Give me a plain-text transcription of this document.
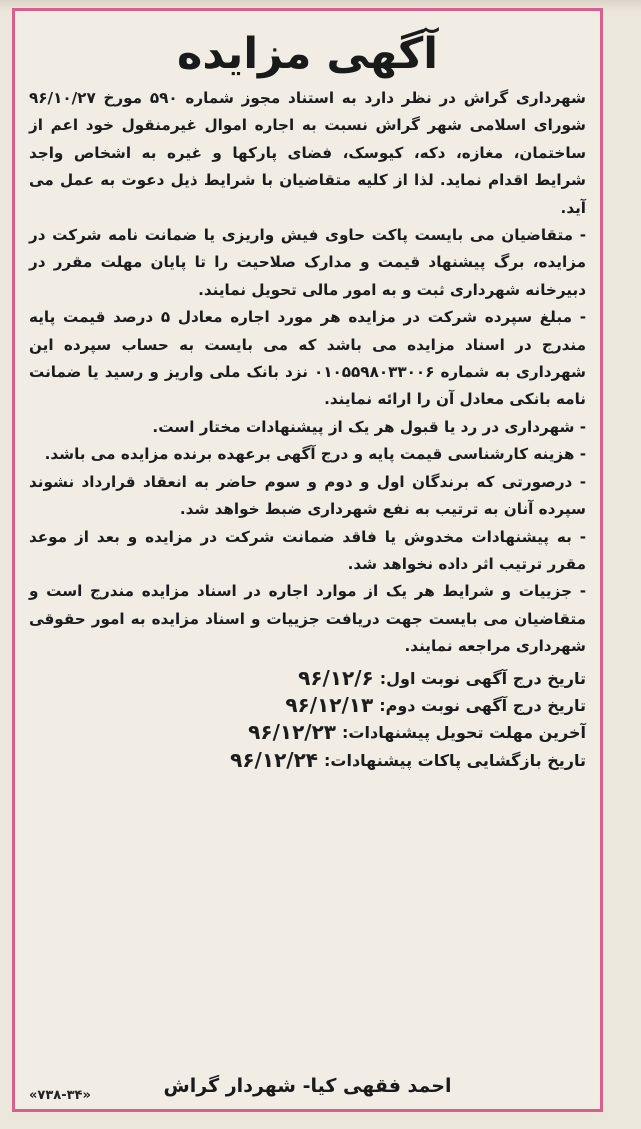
آگهی مزایده

شهرداری گراش در نظر دارد به استناد مجوز شماره ۵۹۰ مورخ ۹۶/۱۰/۲۷ شورای اسلامی شهر گراش نسبت به اجاره اموال غیرمنقول خود اعم از ساختمان، مغازه، دکه، کیوسک، فضای پارکها و غیره به اشخاص واجد شرایط اقدام نماید. لذا از کلیه متقاضیان با شرایط ذیل دعوت به عمل می آید.

- متقاضیان می بایست پاکت حاوی فیش واریزی یا ضمانت نامه شرکت در مزایده، برگ پیشنهاد قیمت و مدارک صلاحیت را تا پایان مهلت مقرر در دبیرخانه شهرداری ثبت و به امور مالی تحویل نمایند.

- مبلغ سپرده شرکت در مزایده هر مورد اجاره معادل ۵ درصد قیمت پایه مندرج در اسناد مزایده می باشد که می بایست به حساب سپرده این شهرداری به شماره ۰۱۰۵۵۹۸۰۳۳۰۰۶ نزد بانک ملی واریز و رسید یا ضمانت نامه بانکی معادل آن را ارائه نمایند.

- شهرداری در رد یا قبول هر یک از پیشنهادات مختار است.

- هزینه کارشناسی قیمت پایه و درج آگهی برعهده برنده مزایده می باشد.

- درصورتی که برندگان اول و دوم و سوم حاضر به انعقاد قرارداد نشوند سپرده آنان به ترتیب به نفع شهرداری ضبط خواهد شد.

- به پیشنهادات مخدوش یا فاقد ضمانت شرکت در مزایده و بعد از موعد مقرر ترتیب اثر داده نخواهد شد.

- جزییات و شرایط هر یک از موارد اجاره در اسناد مزایده مندرج است و متقاضیان می بایست جهت دریافت جزییات و اسناد مزایده به امور حقوقی شهرداری مراجعه نمایند.

تاریخ درج آگهی نوبت اول:
۹۶/۱۲/۶
تاریخ درج آگهی نوبت دوم:
۹۶/۱۲/۱۳
آخرین مهلت تحویل پیشنهادات:
۹۶/۱۲/۲۳
تاریخ بازگشایی پاکات پیشنهادات:
۹۶/۱۲/۲۴
احمد فقهی کیا- شهردار گراش
«۷۳۸-۳۴»
